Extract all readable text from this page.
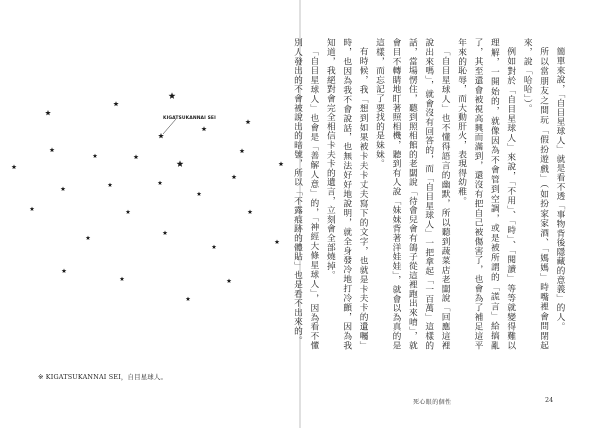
KIGATSUKANNAI SEI
※ KIGATSUKANNAI SEI，自目星球人。

簡單來說，「自目星球人」就是看不透「事物背後隱藏的意義」的人。

所以當朋友之間玩「假扮遊戲」（如扮家家酒、「媽媽」時嘴裡會問閉起來，說「哈哈」）。

例如對於「自目星球人」來說，「不用」、「時」、「閱讀」等等就變得難以理解，一開始的，就像因為不會管到空調，或是被所謂的「謊言」給搞亂了，其至還會被視高興而滿到，還沒有把自己被傷害了，也會為了補足這平年來的恥辱，而大動肝火，表現得幼稚。

「自目星球人」也不懂得語言的幽默，所以聽到蔬菜店老闆說「回應這裡說出來嗎」，就會沒有回答的，而「自目星球人」一把拿起「一百萬」這樣的話，當場愣住，聽到照相館的老闆說「待會兒會有鴿子從這裡跑出來唷」，就會目不轉睛地盯著照相機，聽到有人說「妹妹背著洋娃娃」，就會以為真的是這樣，而忘記了要找的是妹妹。

有時候，我「想到如果被卡夫卡丈夫寫下的文字，也就是卡夫卡的遺囑」時，也因為我不會說話，也無法好好地說明，就全身發冷地打冷顫，因為我知道，我絕對會完全相信卡夫卡的遺言，立刻會全部燒掉。

「自目星球人」也會是「善解人意」的，「神經大條星球人」，因為看不懂別人發出的不會被說出的暗號，所以「不露痕跡的體貼」也是看不出來的。

死心眼的個性	24
